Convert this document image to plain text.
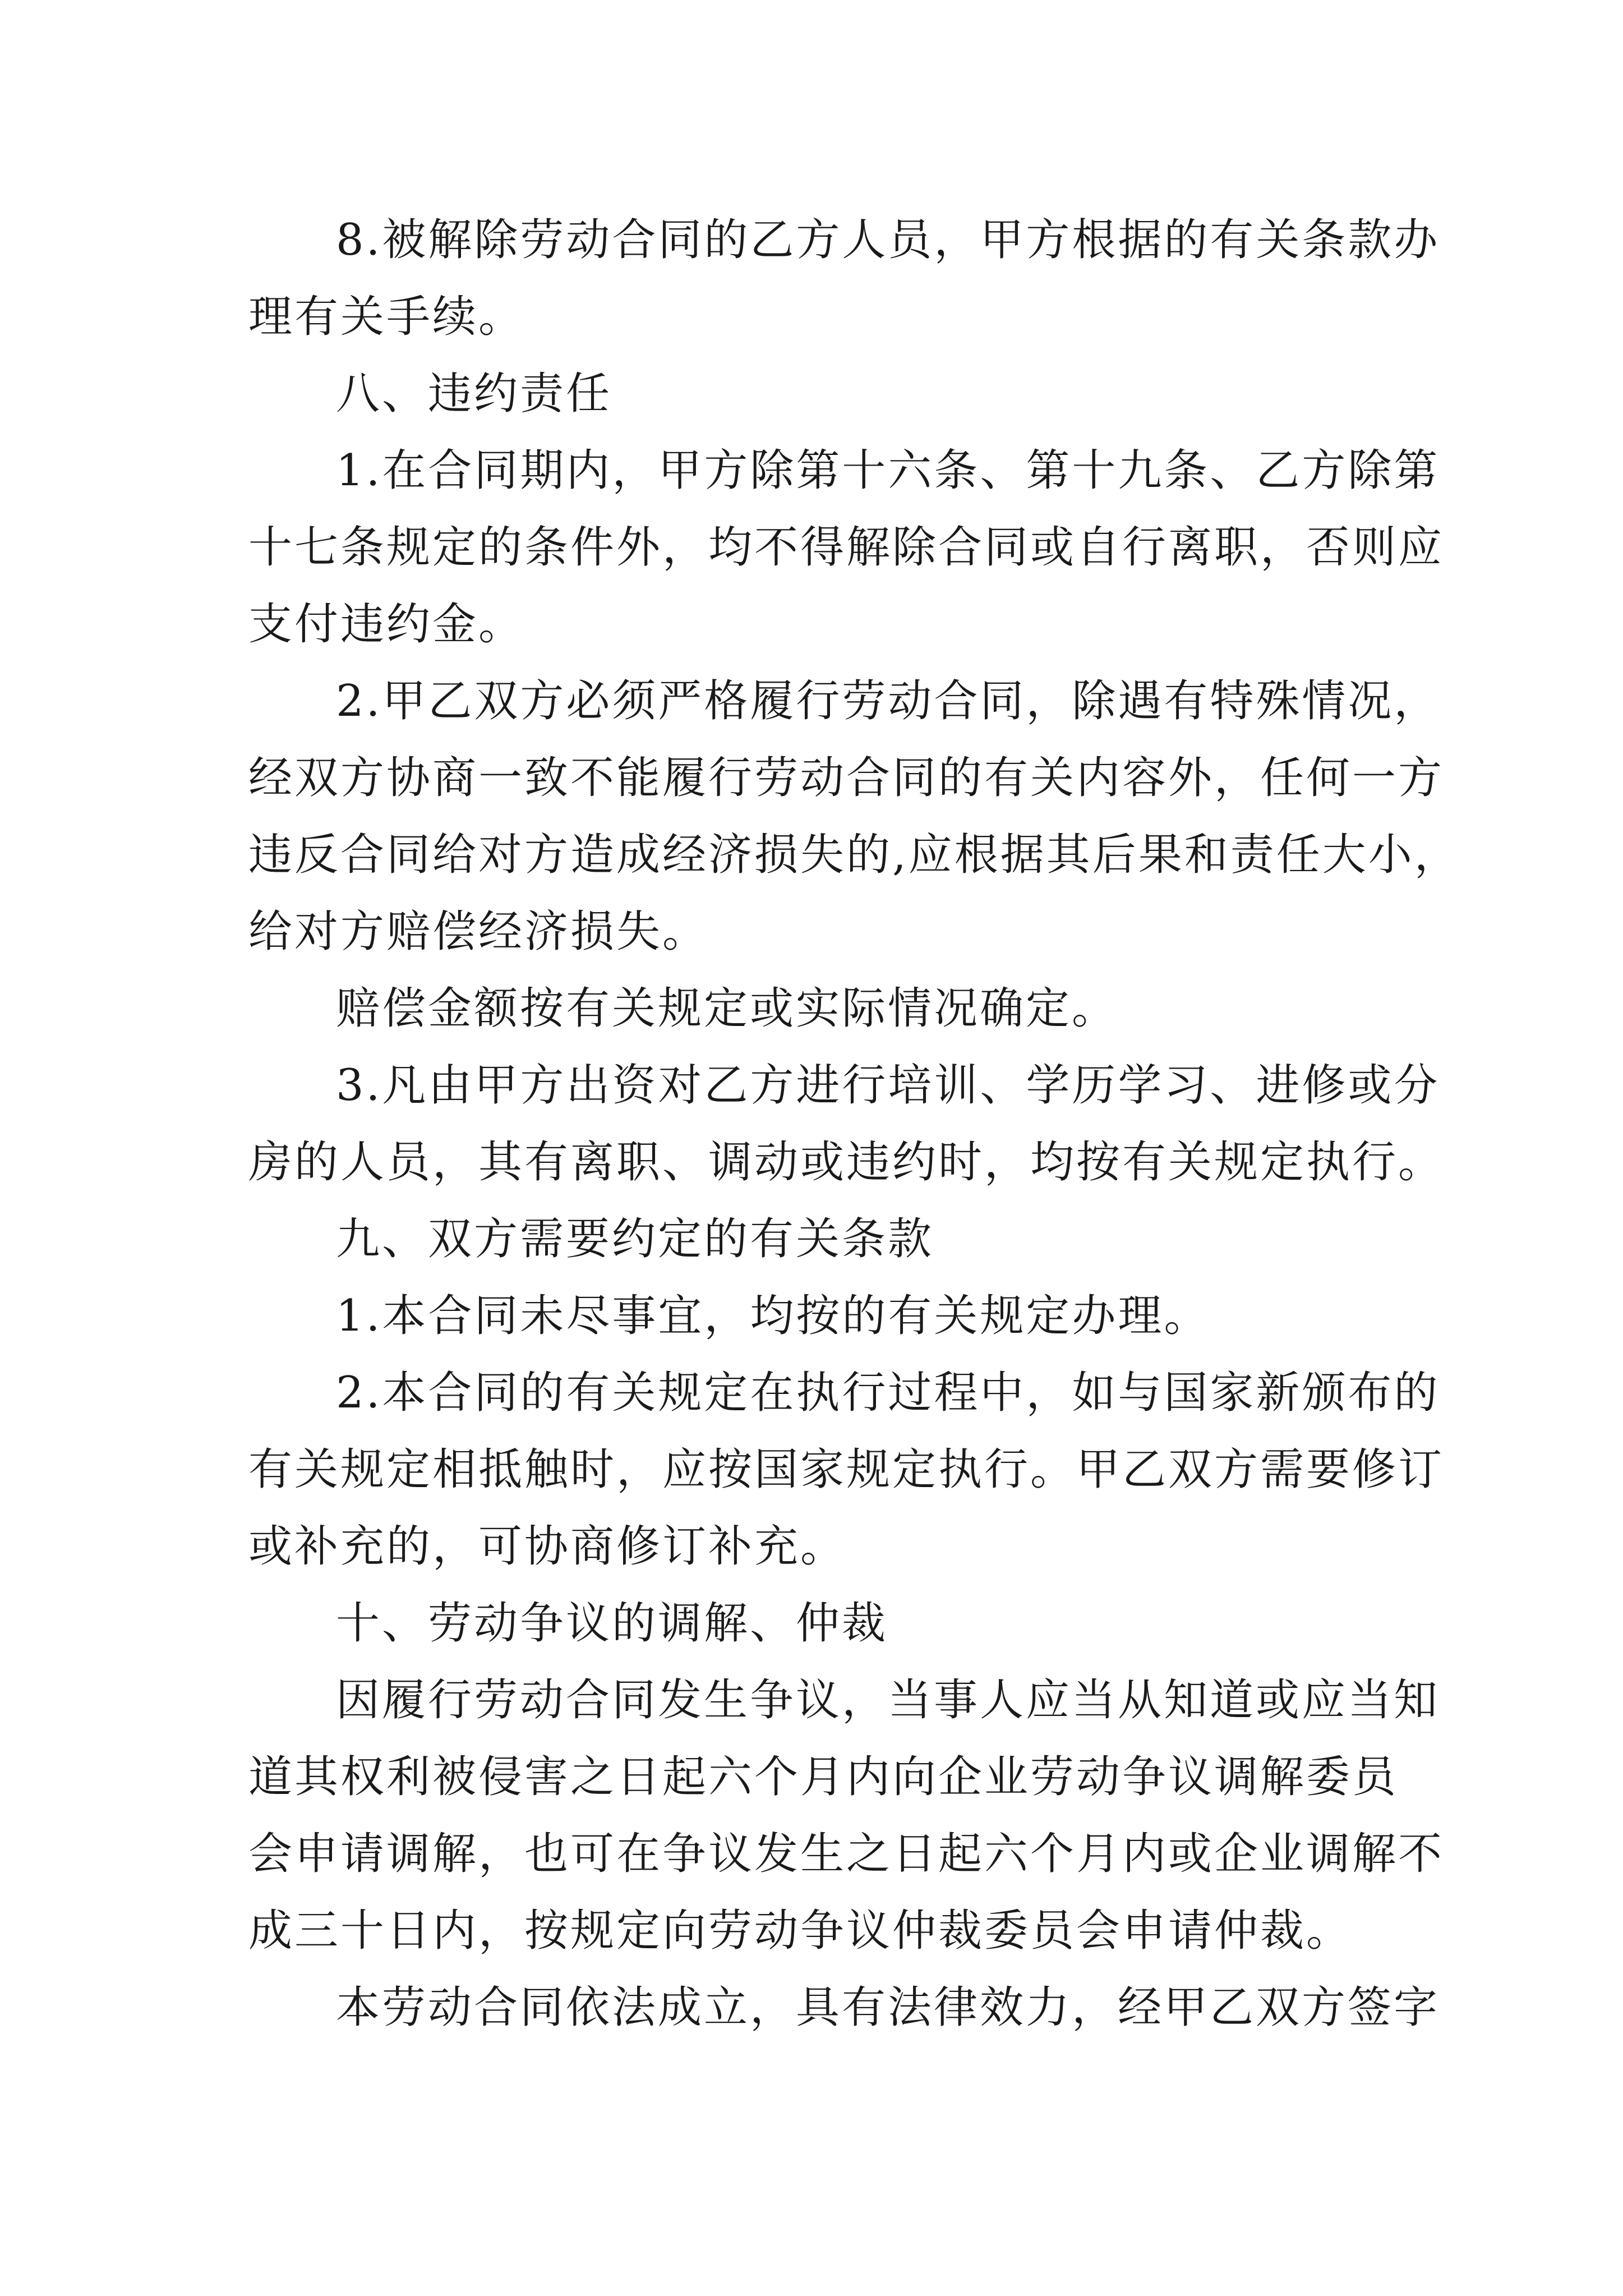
8.被解除劳动合同的乙方人员，甲方根据的有关条款办

理有关手续。

八、违约责任

1.在合同期内，甲方除第十六条、第十九条、乙方除第

十七条规定的条件外，均不得解除合同或自行离职，否则应

支付违约金。

2.甲乙双方必须严格履行劳动合同，除遇有特殊情况，

经双方协商一致不能履行劳动合同的有关内容外，任何一方

违反合同给对方造成经济损失的,应根据其后果和责任大小，

给对方赔偿经济损失。

赔偿金额按有关规定或实际情况确定。

3.凡由甲方出资对乙方进行培训、学历学习、进修或分

房的人员，其有离职、调动或违约时，均按有关规定执行。

九、双方需要约定的有关条款

1.本合同未尽事宜，均按的有关规定办理。

2.本合同的有关规定在执行过程中，如与国家新颁布的

有关规定相抵触时，应按国家规定执行。甲乙双方需要修订

或补充的，可协商修订补充。

十、劳动争议的调解、仲裁

因履行劳动合同发生争议，当事人应当从知道或应当知

道其权利被侵害之日起六个月内向企业劳动争议调解委员

会申请调解，也可在争议发生之日起六个月内或企业调解不

成三十日内，按规定向劳动争议仲裁委员会申请仲裁。

本劳动合同依法成立，具有法律效力，经甲乙双方签字
